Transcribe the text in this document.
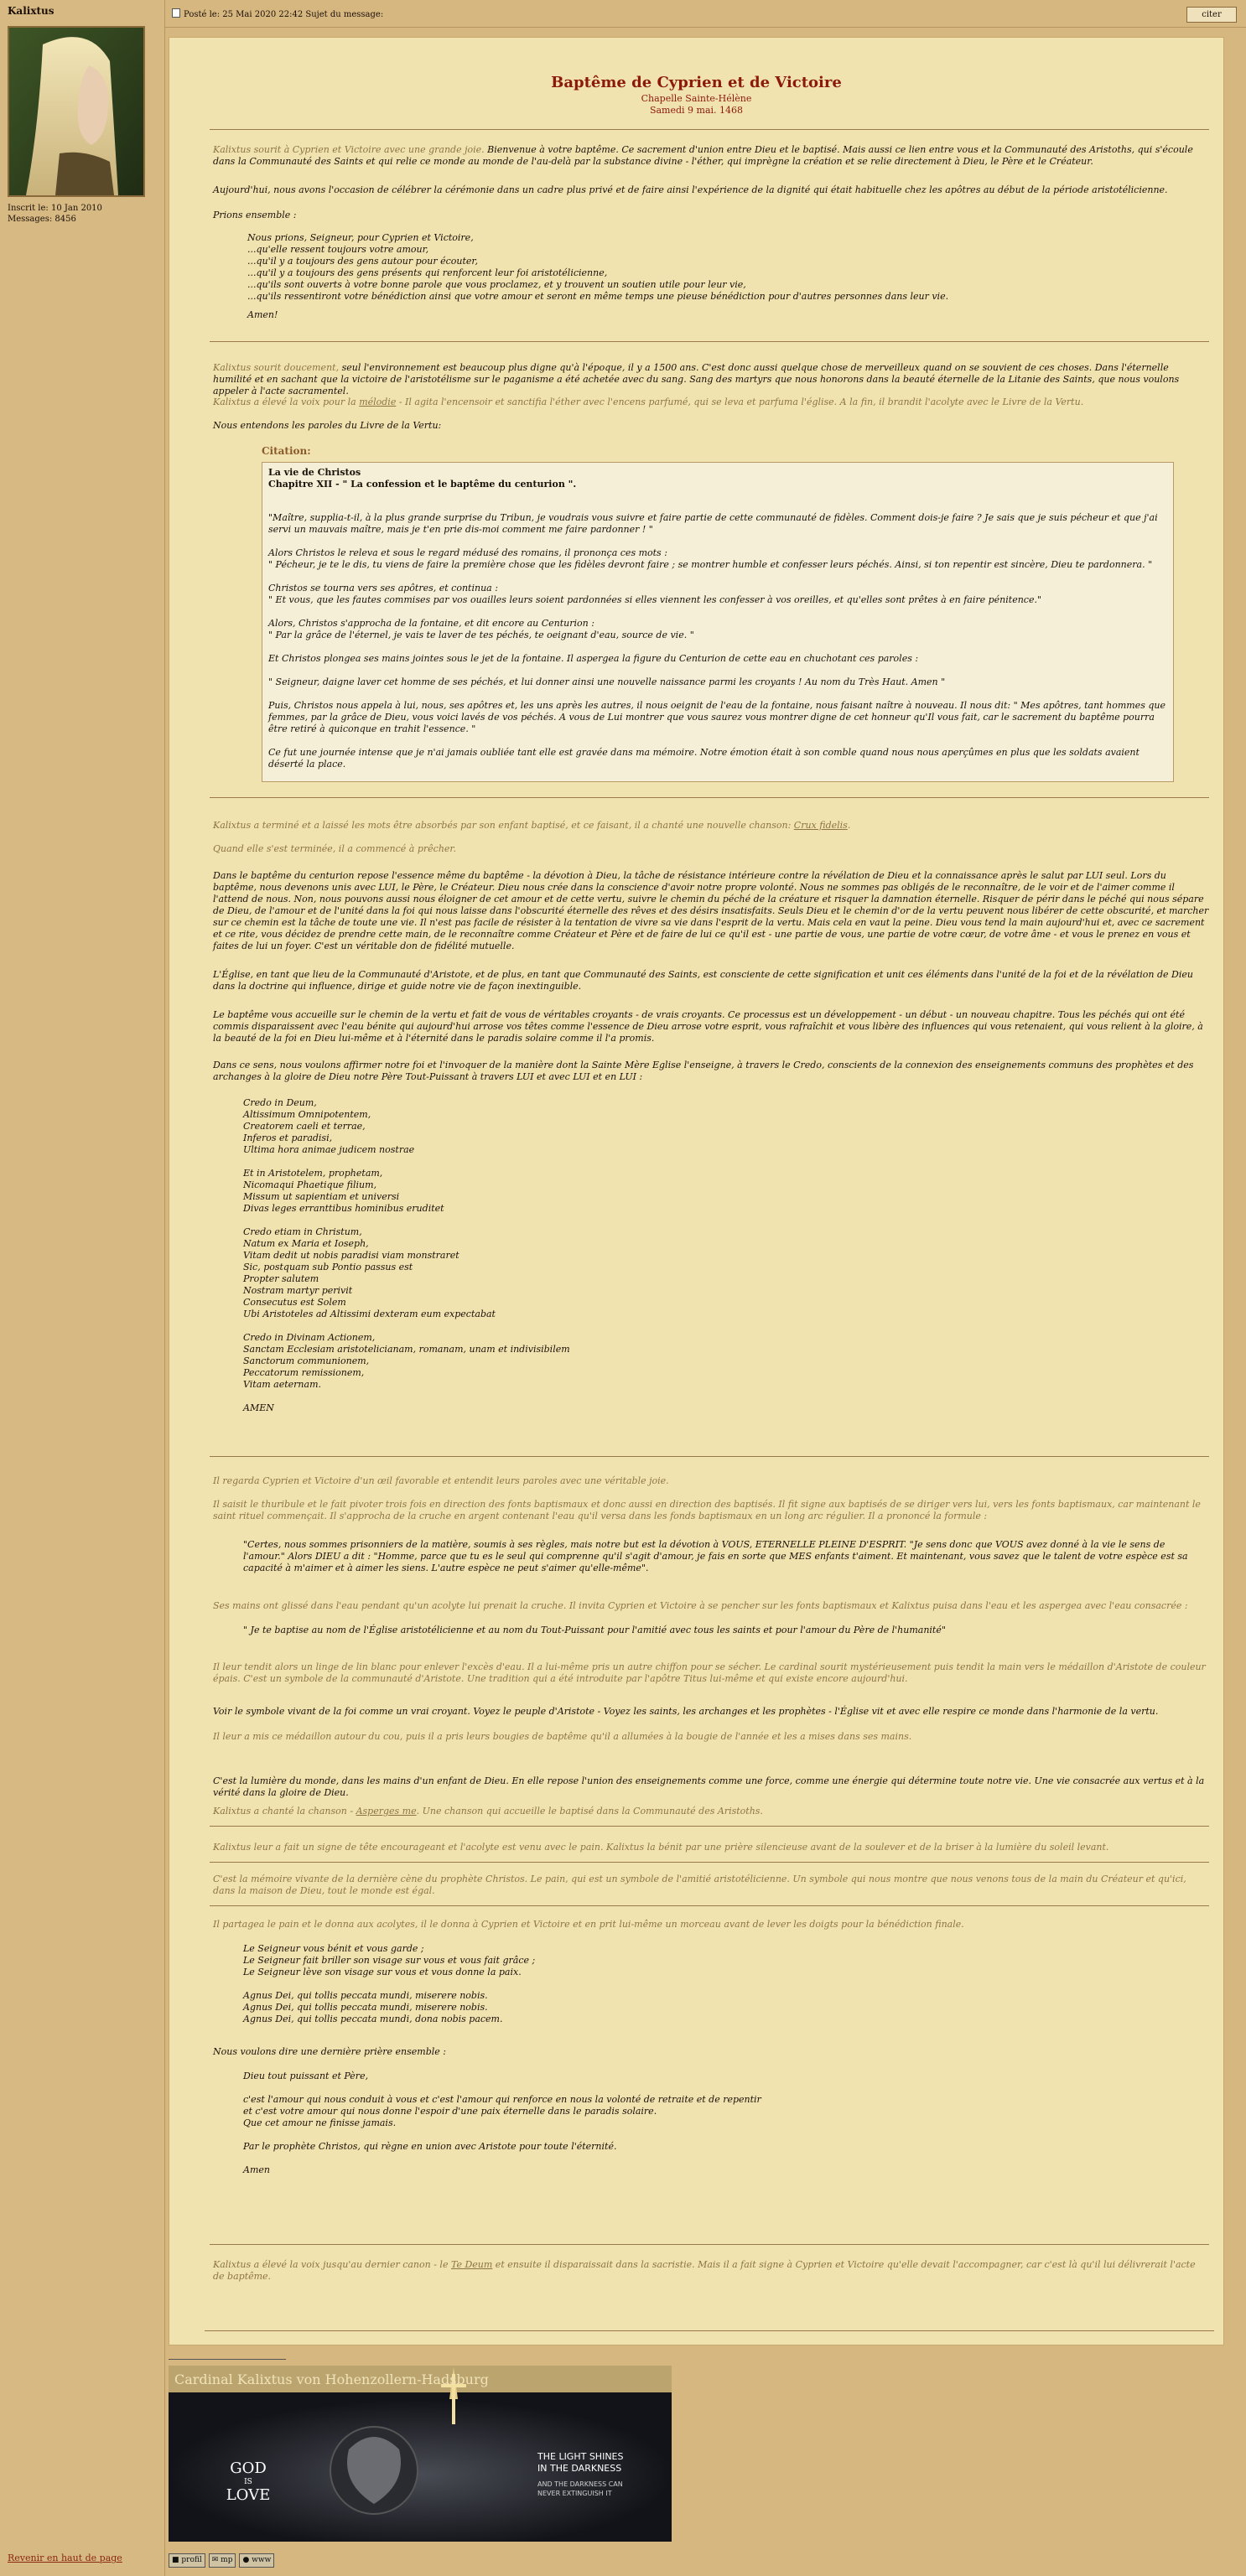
Kalixtus
Inscrit le: 10 Jan 2010
Messages: 8456
Revenir en haut de page
Posté le: 25 Mai 2020 22:42 Sujet du message:	citer
Baptême de Cyprien et de Victoire
Chapelle Sainte-Hélène
Samedi 9 mai. 1468

Kalixtus sourit à Cyprien et Victoire avec une grande joie. Bienvenue à votre baptême. Ce sacrement d'union entre Dieu et le baptisé. Mais aussi ce lien entre vous et la Communauté des Aristoths, qui s'écoule dans la Communauté des Saints et qui relie ce monde au monde de l'au-delà par la substance divine - l'éther, qui imprègne la création et se relie directement à Dieu, le Père et le Créateur.

Aujourd'hui, nous avons l'occasion de célébrer la cérémonie dans un cadre plus privé et de faire ainsi l'expérience de la dignité qui était habituelle chez les apôtres au début de la période aristotélicienne.
Prions ensemble :

Nous prions, Seigneur, pour Cyprien et Victoire,

...qu'elle ressent toujours votre amour,

...qu'il y a toujours des gens autour pour écouter,

...qu'il y a toujours des gens présents qui renforcent leur foi aristotélicienne,

...qu'ils sont ouverts à votre bonne parole que vous proclamez, et y trouvent un soutien utile pour leur vie,

...qu'ils ressentiront votre bénédiction ainsi que votre amour et seront en même temps une pieuse bénédiction pour d'autres personnes dans leur vie.

Amen!
Kalixtus sourit doucement, seul l'environnement est beaucoup plus digne qu'à l'époque, il y a 1500 ans. C'est donc aussi quelque chose de merveilleux quand on se souvient de ces choses. Dans l'éternelle humilité et en sachant que la victoire de l'aristotélisme sur le paganisme a été achetée avec du sang. Sang des martyrs que nous honorons dans la beauté éternelle de la Litanie des Saints, que nous voulons appeler à l'acte sacramentel.
Kalixtus a élevé la voix pour la mélodie - Il agita l'encensoir et sanctifia l'éther avec l'encens parfumé, qui se leva et parfuma l'église. A la fin, il brandit l'acolyte avec le Livre de la Vertu.
Nous entendons les paroles du Livre de la Vertu:
Citation:
La vie de Christos
Chapitre XII - " La confession et le baptême du centurion ".
"Maître, supplia-t-il, à la plus grande surprise du Tribun, je voudrais vous suivre et faire partie de cette communauté de fidèles. Comment dois-je faire ? Je sais que je suis pécheur et que j'ai servi un mauvais maître, mais je t'en prie dis-moi comment me faire pardonner ! "
Alors Christos le releva et sous le regard médusé des romains, il prononça ces mots :
" Pécheur, je te le dis, tu viens de faire la première chose que les fidèles devront faire ; se montrer humble et confesser leurs péchés. Ainsi, si ton repentir est sincère, Dieu te pardonnera. "
Christos se tourna vers ses apôtres, et continua :
" Et vous, que les fautes commises par vos ouailles leurs soient pardonnées si elles viennent les confesser à vos oreilles, et qu'elles sont prêtes à en faire pénitence."
Alors, Christos s'approcha de la fontaine, et dit encore au Centurion :
" Par la grâce de l'éternel, je vais te laver de tes péchés, te oeignant d'eau, source de vie. "
Et Christos plongea ses mains jointes sous le jet de la fontaine. Il aspergea la figure du Centurion de cette eau en chuchotant ces paroles :
" Seigneur, daigne laver cet homme de ses péchés, et lui donner ainsi une nouvelle naissance parmi les croyants ! Au nom du Très Haut. Amen "
Puis, Christos nous appela à lui, nous, ses apôtres et, les uns après les autres, il nous oeignit de l'eau de la fontaine, nous faisant naître à nouveau. Il nous dit: " Mes apôtres, tant hommes que femmes, par la grâce de Dieu, vous voici lavés de vos péchés. A vous de Lui montrer que vous saurez vous montrer digne de cet honneur qu'Il vous fait, car le sacrement du baptême pourra être retiré à quiconque en trahit l'essence. "
Ce fut une journée intense que je n'ai jamais oubliée tant elle est gravée dans ma mémoire. Notre émotion était à son comble quand nous nous aperçûmes en plus que les soldats avaient déserté la place.
Kalixtus a terminé et a laissé les mots être absorbés par son enfant baptisé, et ce faisant, il a chanté une nouvelle chanson: Crux fidelis.
Quand elle s'est terminée, il a commencé à prêcher.
Dans le baptême du centurion repose l'essence même du baptême - la dévotion à Dieu, la tâche de résistance intérieure contre la révélation de Dieu et la connaissance après le salut par LUI seul. Lors du baptême, nous devenons unis avec LUI, le Père, le Créateur. Dieu nous crée dans la conscience d'avoir notre propre volonté. Nous ne sommes pas obligés de le reconnaître, de le voir et de l'aimer comme il l'attend de nous. Non, nous pouvons aussi nous éloigner de cet amour et de cette vertu, suivre le chemin du péché de la créature et risquer la damnation éternelle. Risquer de périr dans le péché qui nous sépare de Dieu, de l'amour et de l'unité dans la foi qui nous laisse dans l'obscurité éternelle des rêves et des désirs insatisfaits. Seuls Dieu et le chemin d'or de la vertu peuvent nous libérer de cette obscurité, et marcher sur ce chemin est la tâche de toute une vie. Il n'est pas facile de résister à la tentation de vivre sa vie dans l'esprit de la vertu. Mais cela en vaut la peine. Dieu vous tend la main aujourd'hui et, avec ce sacrement et ce rite, vous décidez de prendre cette main, de le reconnaître comme Créateur et Père et de faire de lui ce qu'il est - une partie de vous, une partie de votre cœur, de votre âme - et vous le prenez en vous et faites de lui un foyer. C'est un véritable don de fidélité mutuelle.
L'Église, en tant que lieu de la Communauté d'Aristote, et de plus, en tant que Communauté des Saints, est consciente de cette signification et unit ces éléments dans l'unité de la foi et de la révélation de Dieu dans la doctrine qui influence, dirige et guide notre vie de façon inextinguible.
Le baptême vous accueille sur le chemin de la vertu et fait de vous de véritables croyants - de vrais croyants. Ce processus est un développement - un début - un nouveau chapitre. Tous les péchés qui ont été commis disparaissent avec l'eau bénite qui aujourd'hui arrose vos têtes comme l'essence de Dieu arrose votre esprit, vous rafraîchit et vous libère des influences qui vous retenaient, qui vous relient à la gloire, à la beauté de la foi en Dieu lui-même et à l'éternité dans le paradis solaire comme il l'a promis.
Dans ce sens, nous voulons affirmer notre foi et l'invoquer de la manière dont la Sainte Mère Eglise l'enseigne, à travers le Credo, conscients de la connexion des enseignements communs des prophètes et des archanges à la gloire de Dieu notre Père Tout-Puissant à travers LUI et avec LUI et en LUI :

Credo in Deum,

Altissimum Omnipotentem,

Creatorem caeli et terrae,

Inferos et paradisi,

Ultima hora animae judicem nostrae

Et in Aristotelem, prophetam,

Nicomaqui Phaetique filium,

Missum ut sapientiam et universi

Divas leges erranttibus hominibus eruditet

Credo etiam in Christum,

Natum ex Maria et Ioseph,

Vitam dedit ut nobis paradisi viam monstraret

Sic, postquam sub Pontio passus est

Propter salutem

Nostram martyr perivit

Consecutus est Solem

Ubi Aristoteles ad Altissimi dexteram eum expectabat

Credo in Divinam Actionem,

Sanctam Ecclesiam aristotelicianam, romanam, unam et indivisibilem

Sanctorum communionem,

Peccatorum remissionem,

Vitam aeternam.

AMEN

Il regarda Cyprien et Victoire d'un œil favorable et entendit leurs paroles avec une véritable joie.
Il saisit le thuribule et le fait pivoter trois fois en direction des fonts baptismaux et donc aussi en direction des baptisés. Il fit signe aux baptisés de se diriger vers lui, vers les fonts baptismaux, car maintenant le saint rituel commençait. Il s'approcha de la cruche en argent contenant l'eau qu'il versa dans les fonds baptismaux en un long arc régulier. Il a prononcé la formule :
"Certes, nous sommes prisonniers de la matière, soumis à ses règles, mais notre but est la dévotion à VOUS, ETERNELLE PLEINE D'ESPRIT. "Je sens donc que VOUS avez donné à la vie le sens de l'amour." Alors DIEU a dit : "Homme, parce que tu es le seul qui comprenne qu'il s'agit d'amour, je fais en sorte que MES enfants t'aiment. Et maintenant, vous savez que le talent de votre espèce est sa capacité à m'aimer et à aimer les siens. L'autre espèce ne peut s'aimer qu'elle-même".
Ses mains ont glissé dans l'eau pendant qu'un acolyte lui prenait la cruche. Il invita Cyprien et Victoire à se pencher sur les fonts baptismaux et Kalixtus puisa dans l'eau et les aspergea avec l'eau consacrée :
" Je te baptise au nom de l'Église aristotélicienne et au nom du Tout-Puissant pour l'amitié avec tous les saints et pour l'amour du Père de l'humanité"
Il leur tendit alors un linge de lin blanc pour enlever l'excès d'eau. Il a lui-même pris un autre chiffon pour se sécher. Le cardinal sourit mystérieusement puis tendit la main vers le médaillon d'Aristote de couleur épais. C'est un symbole de la communauté d'Aristote. Une tradition qui a été introduite par l'apôtre Titus lui-même et qui existe encore aujourd'hui.
Voir le symbole vivant de la foi comme un vrai croyant. Voyez le peuple d'Aristote - Voyez les saints, les archanges et les prophètes - l'Église vit et avec elle respire ce monde dans l'harmonie de la vertu.
Il leur a mis ce médaillon autour du cou, puis il a pris leurs bougies de baptême qu'il a allumées à la bougie de l'année et les a mises dans ses mains.
C'est la lumière du monde, dans les mains d'un enfant de Dieu. En elle repose l'union des enseignements comme une force, comme une énergie qui détermine toute notre vie. Une vie consacrée aux vertus et à la vérité dans la gloire de Dieu.
Kalixtus a chanté la chanson - Asperges me. Une chanson qui accueille le baptisé dans la Communauté des Aristoths.
Kalixtus leur a fait un signe de tête encourageant et l'acolyte est venu avec le pain. Kalixtus la bénit par une prière silencieuse avant de la soulever et de la briser à la lumière du soleil levant.
C'est la mémoire vivante de la dernière cène du prophète Christos. Le pain, qui est un symbole de l'amitié aristotélicienne. Un symbole qui nous montre que nous venons tous de la main du Créateur et qu'ici, dans la maison de Dieu, tout le monde est égal.
Il partagea le pain et le donna aux acolytes, il le donna à Cyprien et Victoire et en prit lui-même un morceau avant de lever les doigts pour la bénédiction finale.

Le Seigneur vous bénit et vous garde ;

Le Seigneur fait briller son visage sur vous et vous fait grâce ;

Le Seigneur lève son visage sur vous et vous donne la paix.

Agnus Dei, qui tollis peccata mundi, miserere nobis.

Agnus Dei, qui tollis peccata mundi, miserere nobis.

Agnus Dei, qui tollis peccata mundi, dona nobis pacem.

Nous voulons dire une dernière prière ensemble :

Dieu tout puissant et Père,

c'est l'amour qui nous conduit à vous et c'est l'amour qui renforce en nous la volonté de retraite et de repentir

et c'est votre amour qui nous donne l'espoir d'une paix éternelle dans le paradis solaire.

Que cet amour ne finisse jamais.

Par le prophète Christos, qui règne en union avec Aristote pour toute l'éternité.

Amen

Kalixtus a élevé la voix jusqu'au dernier canon - le Te Deum et ensuite il disparaissait dans la sacristie. Mais il a fait signe à Cyprien et Victoire qu'elle devait l'accompagner, car c'est là qu'il lui délivrerait l'acte de baptême.
Cardinal Kalixtus von Hohenzollern-Hadsburg
GOD
IS
LOVE
THE LIGHT SHINES
IN THE DARKNESS
AND THE DARKNESS CAN
NEVER EXTINGUISH IT
■ profil ✉ mp ● www
